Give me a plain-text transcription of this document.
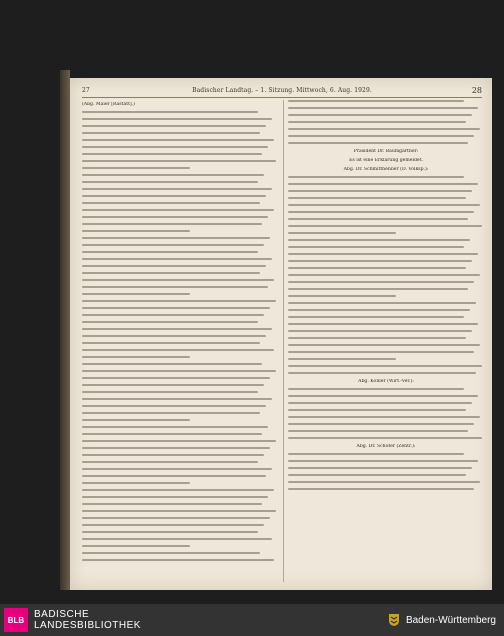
27	Badischer Landtag. – 1. Sitzung. Mittwoch, 6. Aug. 1929.	28
(Abg. Maier [Rastatt].)
Präsident Dr. Baumgartner:
Es ist eine Erklärung gemeldet.
Abg. Dr. Schmitthenner (D. Volksp.):
Abg. Köhler (Wirt.-Ver.):
Abg. Dr. Schofer (Zentr.):
BLB BADISCHE
LANDESBIBLIOTHEK	Baden-Württemberg
